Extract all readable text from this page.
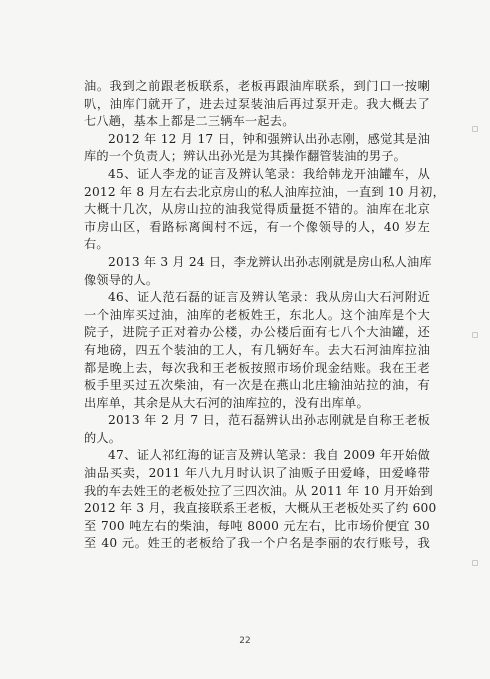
油。我到之前跟老板联系，老板再跟油库联系，到门口一按喇
叭，油库门就开了，进去过泵装油后再过泵开走。我大概去了
七八趟，基本上都是二三辆车一起去。
2012 年 12 月 17 日，钟和强辨认出孙志刚，感觉其是油
库的一个负责人；辨认出孙光是为其操作翻管装油的男子。
45、证人李龙的证言及辨认笔录：我给韩龙开油罐车，从
2012 年 8 月左右去北京房山的私人油库拉油，一直到 10 月初，
大概十几次，从房山拉的油我觉得质量挺不错的。油库在北京
市房山区，看路标离闽村不远，有一个像领导的人，40 岁左
右。
2013 年 3 月 24 日，李龙辨认出孙志刚就是房山私人油库
像领导的人。
46、证人范石磊的证言及辨认笔录：我从房山大石河附近
一个油库买过油，油库的老板姓王，东北人。这个油库是个大
院子，进院子正对着办公楼，办公楼后面有七八个大油罐，还
有地磅，四五个装油的工人，有几辆好车。去大石河油库拉油
都是晚上去，每次我和王老板按照市场价现金结账。我在王老
板手里买过五次柴油，有一次是在燕山北庄输油站拉的油，有
出库单，其余是从大石河的油库拉的，没有出库单。
2013 年 2 月 7 日，范石磊辨认出孙志刚就是自称王老板
的人。
47、证人祁红海的证言及辨认笔录：我自 2009 年开始做
油品买卖，2011 年八九月时认识了油贩子田爱峰，田爱峰带
我的车去姓王的老板处拉了三四次油。从 2011 年 10 月开始到
2012 年 3 月，我直接联系王老板，大概从王老板处买了约 600
至 700 吨左右的柴油，每吨 8000 元左右，比市场价便宜 30
至 40 元。姓王的老板给了我一个户名是李丽的农行账号，我
22
